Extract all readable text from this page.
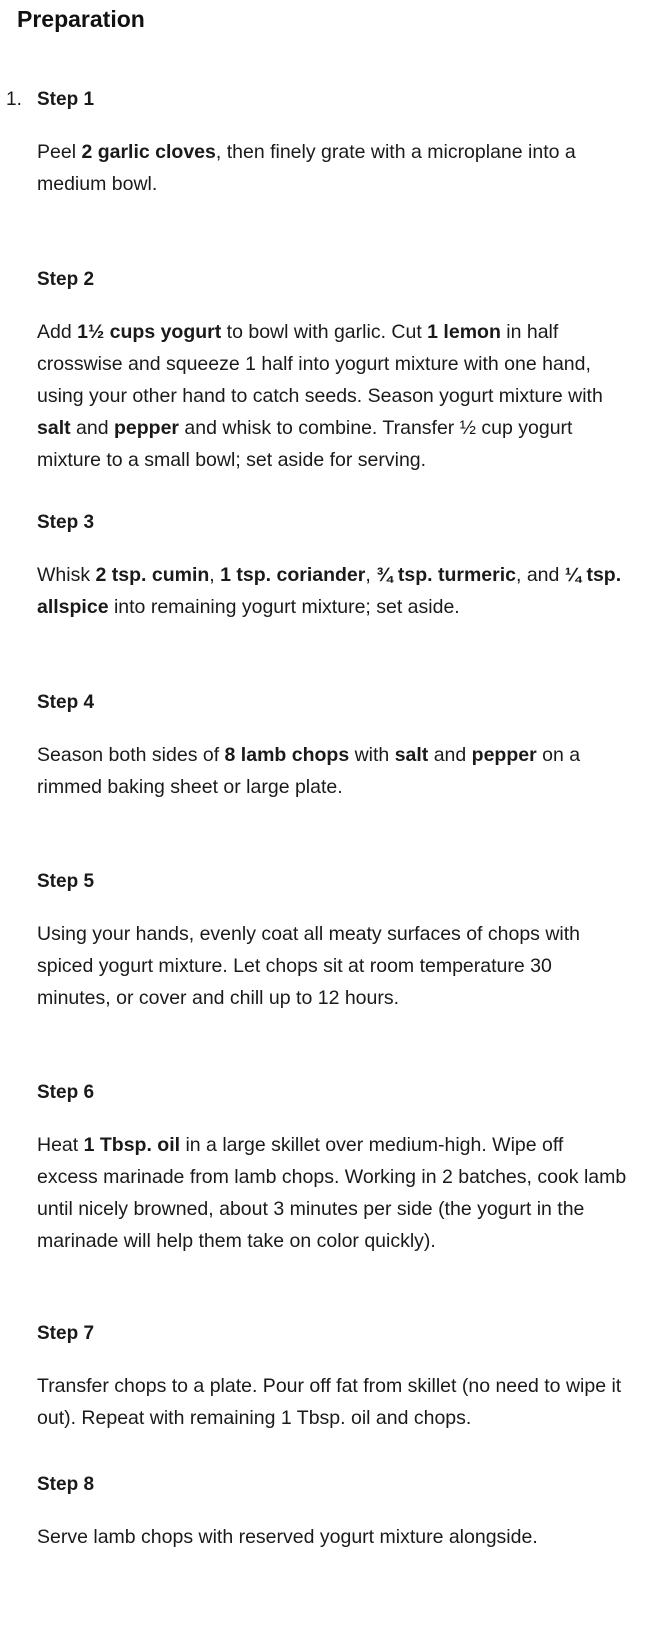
Preparation
1. Step 1

Peel 2 garlic cloves, then finely grate with a microplane into a medium bowl.

Step 2

Add 1½ cups yogurt to bowl with garlic. Cut 1 lemon in half crosswise and squeeze 1 half into yogurt mixture with one hand, using your other hand to catch seeds. Season yogurt mixture with salt and pepper and whisk to combine. Transfer ½ cup yogurt mixture to a small bowl; set aside for serving.

Step 3

Whisk 2 tsp. cumin, 1 tsp. coriander, ¾ tsp. turmeric, and ¼ tsp. allspice into remaining yogurt mixture; set aside.

Step 4

Season both sides of 8 lamb chops with salt and pepper on a rimmed baking sheet or large plate.

Step 5

Using your hands, evenly coat all meaty surfaces of chops with spiced yogurt mixture. Let chops sit at room temperature 30 minutes, or cover and chill up to 12 hours.

Step 6

Heat 1 Tbsp. oil in a large skillet over medium-high. Wipe off excess marinade from lamb chops. Working in 2 batches, cook lamb until nicely browned, about 3 minutes per side (the yogurt in the marinade will help them take on color quickly).

Step 7

Transfer chops to a plate. Pour off fat from skillet (no need to wipe it out). Repeat with remaining 1 Tbsp. oil and chops.

Step 8

Serve lamb chops with reserved yogurt mixture alongside.
